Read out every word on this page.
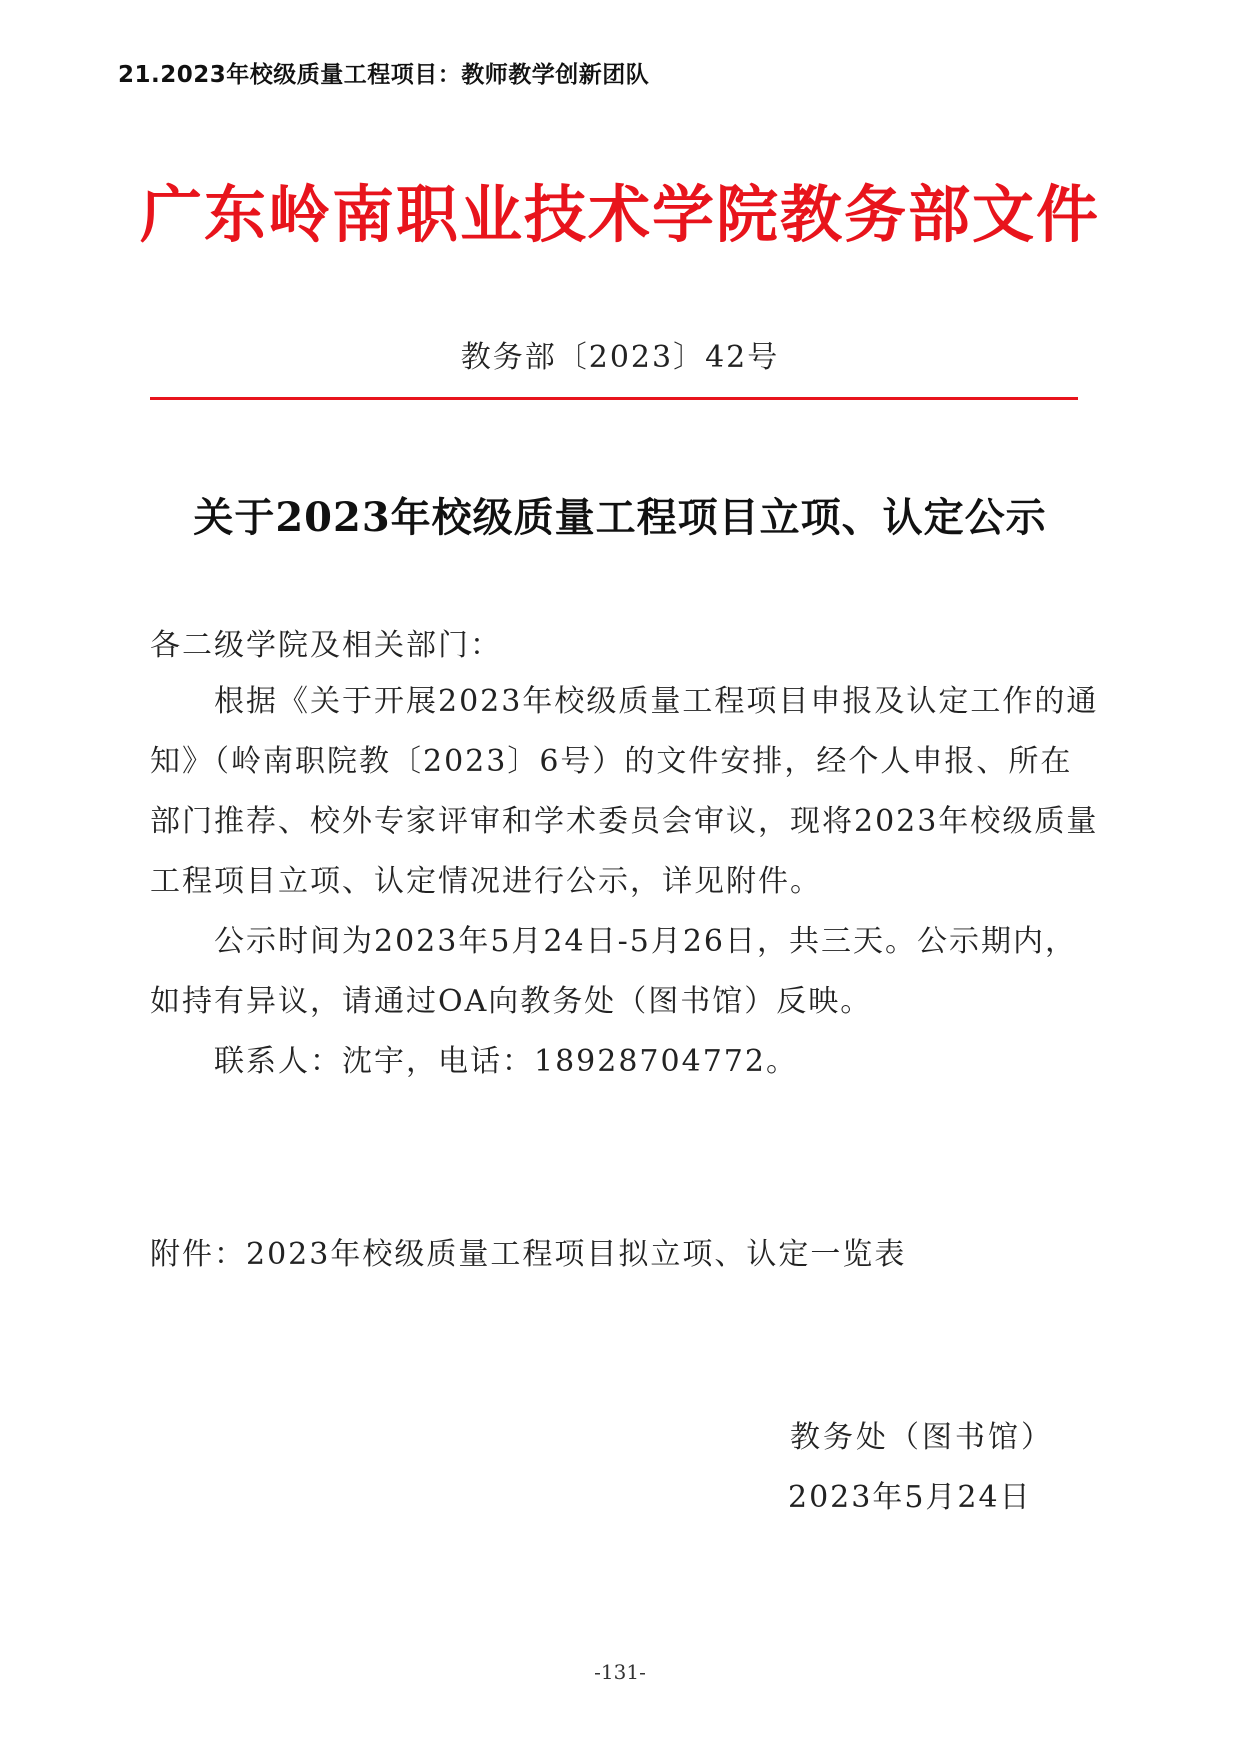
21.2023年校级质量工程项目：教师教学创新团队
广东岭南职业技术学院教务部文件
教务部〔2023〕42号
关于2023年校级质量工程项目立项、认定公示
各二级学院及相关部门：

根据《关于开展2023年校级质量工程项目申报及认定工作的通知》（岭南职院教〔2023〕6号）的文件安排，经个人申报、所在部门推荐、校外专家评审和学术委员会审议，现将2023年校级质量工程项目立项、认定情况进行公示，详见附件。

公示时间为2023年5月24日-5月26日，共三天。公示期内，如持有异议，请通过OA向教务处（图书馆）反映。

联系人：沈宇，电话：18928704772。

附件：2023年校级质量工程项目拟立项、认定一览表
教务处（图书馆）
2023年5月24日
-131-
